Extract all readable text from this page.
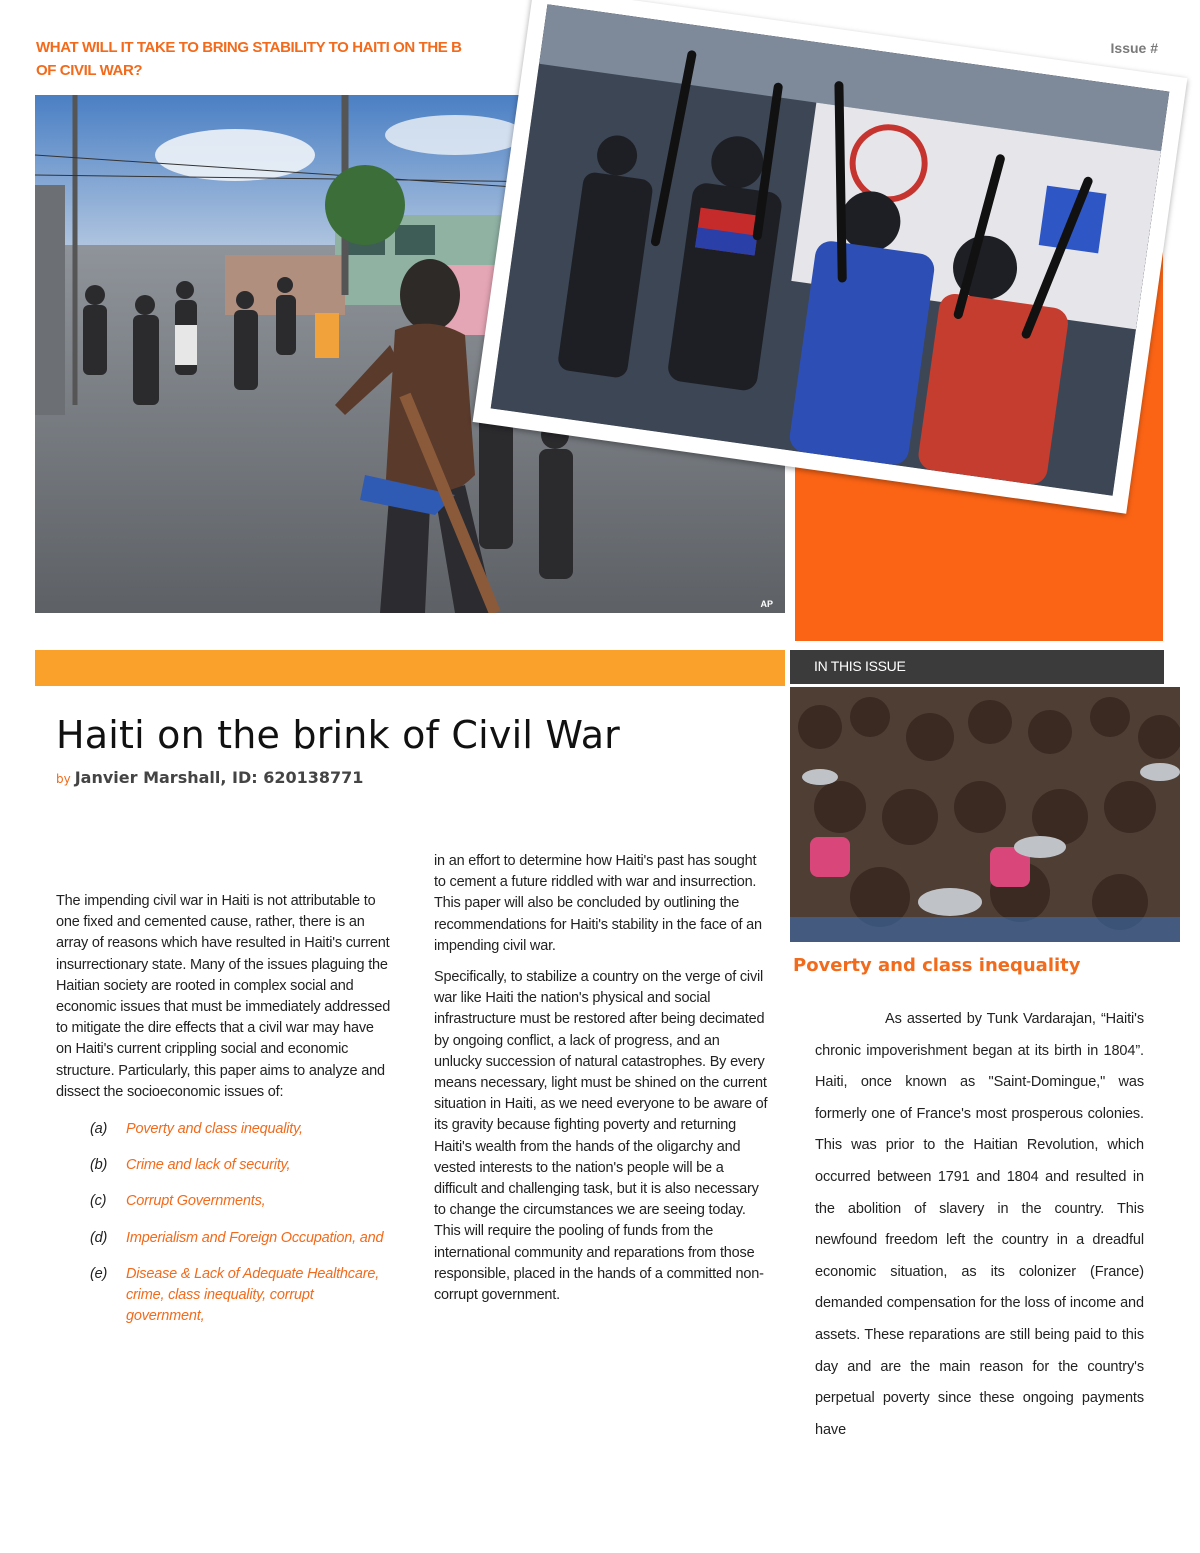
WHAT WILL IT TAKE TO BRING STABILITY TO HAITI ON THE B
OF CIVIL WAR?
Issue #
AP
IN THIS ISSUE
Haiti on the brink of Civil War
by Janvier Marshall, ID: 620138771

The impending civil war in Haiti is not attributable to one fixed and cemented cause, rather, there is an array of reasons which have resulted in Haiti's current insurrectionary state. Many of the issues plaguing the Haitian society are rooted in complex social and economic issues that must be immediately addressed to mitigate the dire effects that a civil war may have on Haiti's current crippling social and economic structure. Particularly, this paper aims to analyze and dissect the socioeconomic issues of:

(a)	Poverty and class inequality,
(b)	Crime and lack of security,
(c)	Corrupt Governments,
(d)	Imperialism and Foreign Occupation, and
(e)	Disease & Lack of Adequate Healthcare, crime, class inequality, corrupt government,

in an effort to determine how Haiti's past has sought to cement a future riddled with war and insurrection. This paper will also be concluded by outlining the recommendations for Haiti's stability in the face of an impending civil war.

Specifically, to stabilize a country on the verge of civil war like Haiti the nation's physical and social infrastructure must be restored after being decimated by ongoing conflict, a lack of progress, and an unlucky succession of natural catastrophes. By every means necessary, light must be shined on the current situation in Haiti, as we need everyone to be aware of its gravity because fighting poverty and returning Haiti's wealth from the hands of the oligarchy and vested interests to the nation's people will be a difficult and challenging task, but it is also necessary to change the circumstances we are seeing today. This will require the pooling of funds from the international community and reparations from those responsible, placed in the hands of a committed non-corrupt government.

Poverty and class inequality
As asserted by Tunk Vardarajan, “Haiti's chronic impoverishment began at its birth in 1804”. Haiti, once known as "Saint-Domingue," was formerly one of France's most prosperous colonies. This was prior to the Haitian Revolution, which occurred between 1791 and 1804 and resulted in the abolition of slavery in the country. This newfound freedom left the country in a dreadful economic situation, as its colonizer (France) demanded compensation for the loss of income and assets. These reparations are still being paid to this day and are the main reason for the country's perpetual poverty since these ongoing payments have
